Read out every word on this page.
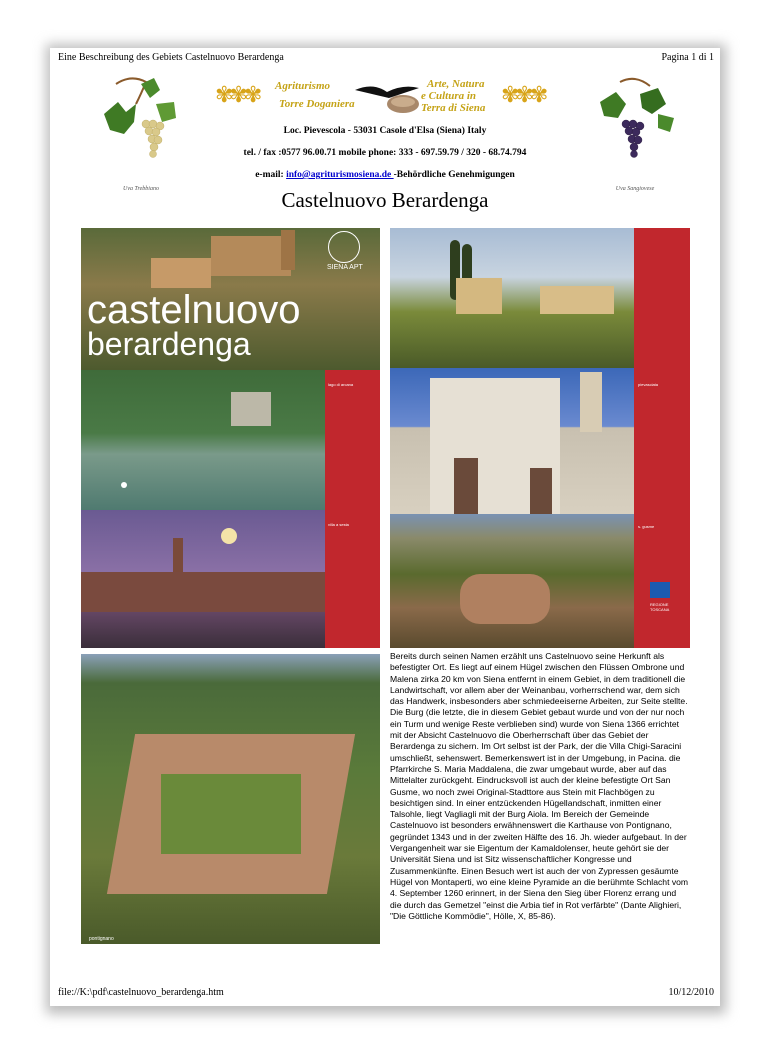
Eine Beschreibung des Gebiets Castelnuovo Berardenga	Pagina 1 di 1
Uva Trebbiano	Uva Sangiovese
✾✾✾ Agriturismo
Torre Doganiera
Arte, Natura
e Cultura in
Terra di Siena
✾✾✾
Loc. Pievescola - 53031 Casole d'Elsa (Siena) Italy
tel. / fax :0577 96.00.71 mobile phone: 333 - 697.59.79 / 320 - 68.74.794
e-mail: info@agriturismosiena.de -Behördliche Genehmigungen
Castelnuovo Berardenga
castelnuovo
berardenga
SIENA APT
lago di arcana
villa a sesta
pievasciata
s. gusme
REGIONE TOSCANA
pontignano
Bereits durch seinen Namen erzählt uns Castelnuovo seine Herkunft als befestigter Ort. Es liegt auf einem Hügel zwischen den Flüssen Ombrone und Malena zirka 20 km von Siena entfernt in einem Gebiet, in dem traditionell die Landwirtschaft, vor allem aber der Weinanbau, vorherrschend war, dem sich das Handwerk, insbesonders aber schmiedeeiserne Arbeiten, zur Seite stellte. Die Burg (die letzte, die in diesem Gebiet gebaut wurde und von der nur noch ein Turm und wenige Reste verblieben sind) wurde von Siena 1366 errichtet mit der Absicht Castelnuovo die Oberherrschaft über das Gebiet der Berardenga zu sichern. Im Ort selbst ist der Park, der die Villa Chigi-Saracini umschließt, sehenswert. Bemerkenswert ist in der Umgebung, in Pacina. die Pfarrkirche S. Maria Maddalena, die zwar umgebaut wurde, aber auf das Mittelalter zurückgeht. Eindrucksvoll ist auch der kleine befestigte Ort San Gusme, wo noch zwei Original-Stadttore aus Stein mit Flachbögen zu besichtigen sind. In einer entzückenden Hügellandschaft, inmitten einer Talsohle, liegt Vagliagli mit der Burg Aiola. Im Bereich der Gemeinde Castelnuovo ist besonders erwähnenswert die Karthause von Pontignano, gegründet 1343 und in der zweiten Hälfte des 16. Jh. wieder aufgebaut. In der Vergangenheit war sie Eigentum der Kamaldolenser, heute gehört sie der Universität Siena und ist Sitz wissenschaftlicher Kongresse und Zusammenkünfte. Einen Besuch wert ist auch der von Zypressen gesäumte Hügel von Montaperti, wo eine kleine Pyramide an die berühmte Schlacht vom 4. September 1260 erinnert, in der Siena den Sieg über Florenz errang und die durch das Gemetzel "einst die Arbia tief in Rot verfärbte" (Dante Alighieri, "Die Göttliche Kommödie", Hölle, X, 85-86).
file://K:\pdf\castelnuovo_berardenga.htm	10/12/2010
